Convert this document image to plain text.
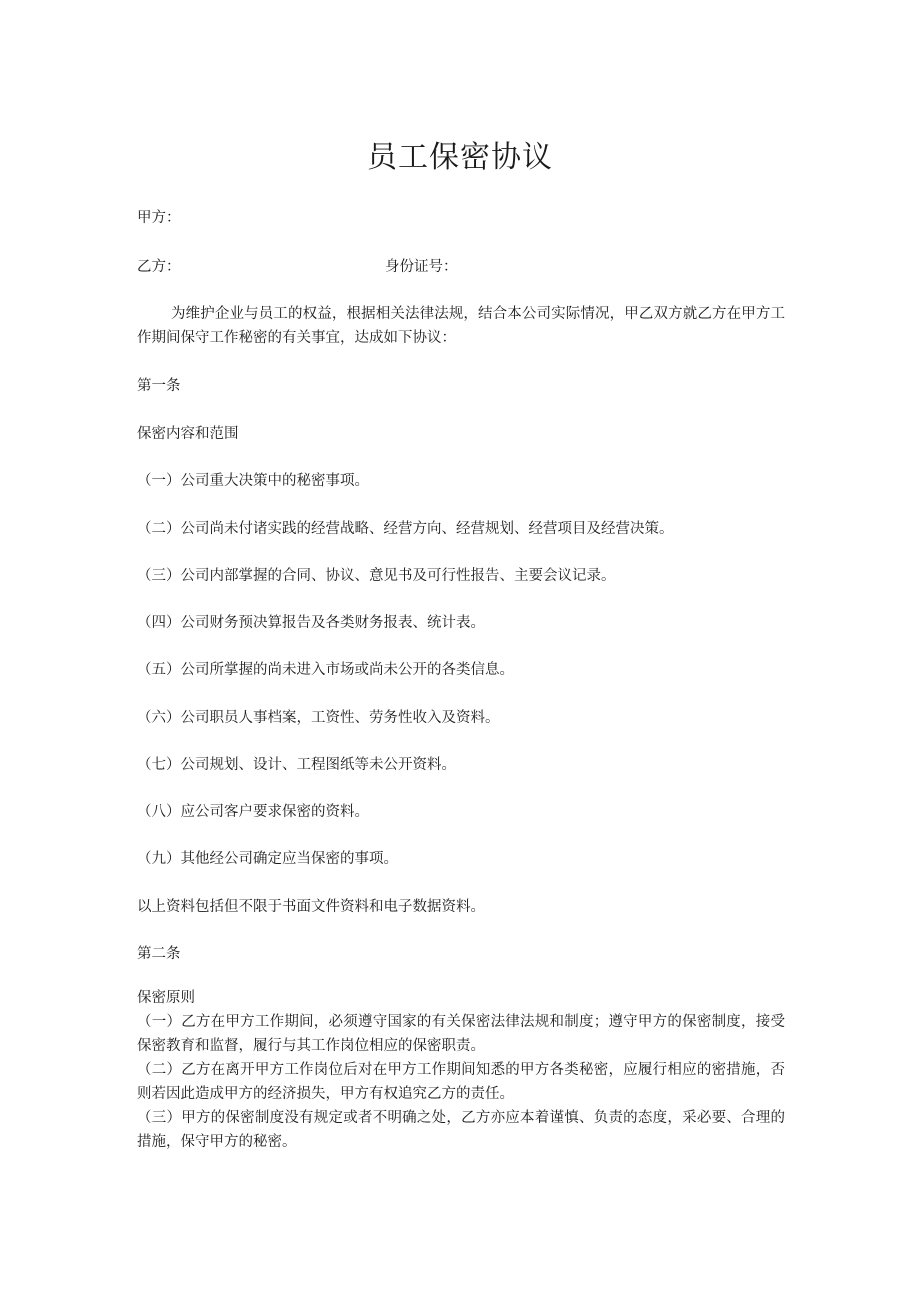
员工保密协议

甲方：

乙方：	身份证号：

为维护企业与员工的权益，根据相关法律法规，结合本公司实际情况，甲乙双方就乙方在甲方工作期间保守工作秘密的有关事宜，达成如下协议：

第一条

保密内容和范围

（一）公司重大决策中的秘密事项。

（二）公司尚未付诸实践的经营战略、经营方向、经营规划、经营项目及经营决策。

（三）公司内部掌握的合同、协议、意见书及可行性报告、主要会议记录。

（四）公司财务预决算报告及各类财务报表、统计表。

（五）公司所掌握的尚未进入市场或尚未公开的各类信息。

（六）公司职员人事档案，工资性、劳务性收入及资料。

（七）公司规划、设计、工程图纸等未公开资料。

（八）应公司客户要求保密的资料。

（九）其他经公司确定应当保密的事项。

以上资料包括但不限于书面文件资料和电子数据资料。

第二条

保密原则

（一）乙方在甲方工作期间，必须遵守国家的有关保密法律法规和制度；遵守甲方的保密制度，接受保密教育和监督，履行与其工作岗位相应的保密职责。

（二）乙方在离开甲方工作岗位后对在甲方工作期间知悉的甲方各类秘密，应履行相应的密措施，否则若因此造成甲方的经济损失，甲方有权追究乙方的责任。

（三）甲方的保密制度没有规定或者不明确之处，乙方亦应本着谨慎、负责的态度，采必要、合理的措施，保守甲方的秘密。
